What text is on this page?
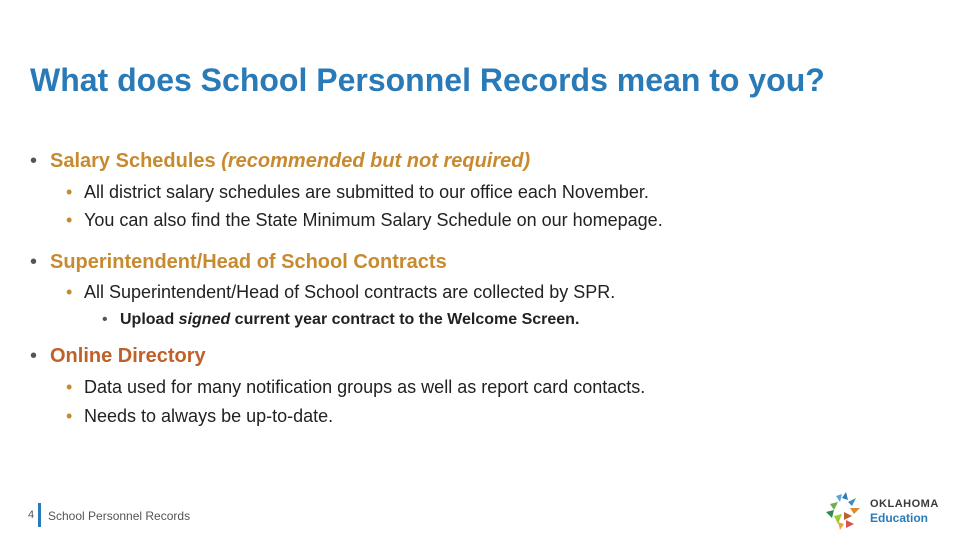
What does School Personnel Records mean to you?
• Salary Schedules (recommended but not required)
• All district salary schedules are submitted to our office each November.
• You can also find the State Minimum Salary Schedule on our homepage.
• Superintendent/Head of School Contracts
• All Superintendent/Head of School contracts are collected by SPR.
• Upload signed current year contract to the Welcome Screen.
• Online Directory
• Data used for many notification groups as well as report card contacts.
• Needs to always be up-to-date.
4 School Personnel Records
OKLAHOMA
Education
